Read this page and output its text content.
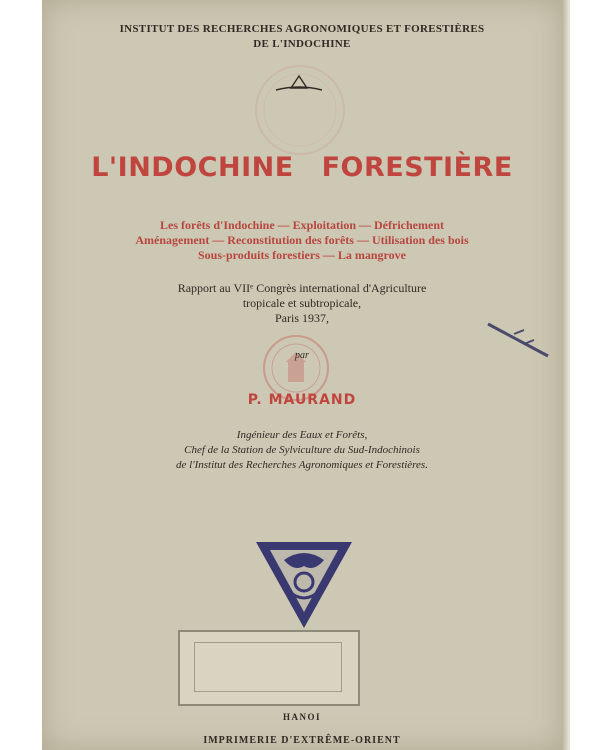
INSTITUT DES RECHERCHES AGRONOMIQUES ET FORESTIÈRES
DE L'INDOCHINE
L'INDOCHINE FORESTIÈRE
Les forêts d'Indochine — Exploitation — Défrichement
Aménagement — Reconstitution des forêts — Utilisation des bois
Sous-produits forestiers — La mangrove
Rapport au VIIᵉ Congrès international d'Agriculture
tropicale et subtropicale,
Paris 1937,
par
P. MAURAND
Ingénieur des Eaux et Forêts,
Chef de la Station de Sylviculture du Sud-Indochinois
de l'Institut des Recherches Agronomiques et Forestières.
HANOI
IMPRIMERIE D'EXTRÊME-ORIENT
